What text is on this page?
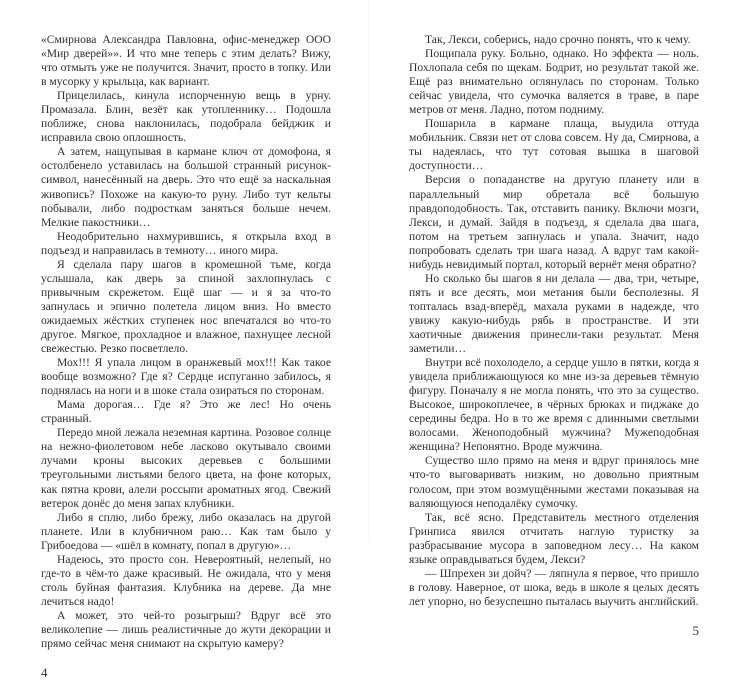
«Смирнова Александра Павловна, офис-менеджер ООО «Мир дверей»». И что мне теперь с этим делать? Вижу, что отмыть уже не получится. Значит, просто в топку. Или в мусорку у крыльца, как вариант.

Прицелилась, кинула испорченную вещь в урну. Промазала. Блин, везёт как утопленнику… Подошла поближе, снова наклонилась, подобрала бейджик и исправила свою оплошность.

А затем, нащупывая в кармане ключ от домофона, я остолбенело уставилась на большой странный рисунок-символ, нанесённый на дверь. Это что ещё за наскальная живопись? Похоже на какую-то руну. Либо тут кельты побывали, либо подросткам заняться больше нечем. Мелкие пакостники…

Неодобрительно нахмурившись, я открыла вход в подъезд и направилась в темноту… иного мира.

Я сделала пару шагов в кромешной тьме, когда услышала, как дверь за спиной захлопнулась с привычным скрежетом. Ещё шаг — и я за что-то запнулась и эпично полетела лицом вниз. Но вместо ожидаемых жёстких ступенек нос впечатался во что-то другое. Мягкое, прохладное и влажное, пахнущее лесной свежестью. Резко посветлело.

Мох!!! Я упала лицом в оранжевый мох!!! Как такое вообще возможно? Где я? Сердце испуганно забилось, я поднялась на ноги и в шоке стала озираться по сторонам.

Мама дорогая… Где я? Это же лес! Но очень странный.

Передо мной лежала неземная картина. Розовое солнце на нежно-фиолетовом небе ласково окутывало своими лучами кроны высоких деревьев с большими треугольными листьями белого цвета, на фоне которых, как пятна крови, алели россыпи ароматных ягод. Свежий ветерок донёс до меня запах клубники.

Либо я сплю, либо брежу, либо оказалась на другой планете. Или в клубничном раю… Как там было у Грибоедова — «шёл в комнату, попал в другую»…

Надеюсь, это просто сон. Невероятный, нелепый, но где-то в чём-то даже красивый. Не ожидала, что у меня столь буйная фантазия. Клубника на дереве. Да мне лечиться надо!

А может, это чей-то розыгрыш? Вдруг всё это великолепие — лишь реалистичные до жути декорации и прямо сейчас меня снимают на скрытую камеру?

4

Так, Лекси, соберись, надо срочно понять, что к чему.

Пощипала руку. Больно, однако. Но эффекта — ноль. Похлопала себя по щекам. Бодрит, но результат такой же. Ещё раз внимательно оглянулась по сторонам. Только сейчас увидела, что сумочка валяется в траве, в паре метров от меня. Ладно, потом подниму.

Пошарила в кармане плаща, выудила оттуда мобильник. Связи нет от слова совсем. Ну да, Смирнова, а ты надеялась, что тут сотовая вышка в шаговой доступности…

Версия о попаданстве на другую планету или в параллельный мир обретала всё большую правдоподобность. Так, отставить панику. Включи мозги, Лекси, и думай. Зайдя в подъезд, я сделала два шага, потом на третьем запнулась и упала. Значит, надо попробовать сделать три шага назад. А вдруг там какой-нибудь невидимый портал, который вернёт меня обратно?

Но сколько бы шагов я ни делала — два, три, четыре, пять и все десять, мои метания были бесполезны. Я топталась взад-вперёд, махала руками в надежде, что увижу какую-нибудь рябь в пространстве. И эти хаотичные движения принесли-таки результат. Меня заметили…

Внутри всё похолодело, а сердце ушло в пятки, когда я увидела приближающуюся ко мне из-за деревьев тёмную фигуру. Поначалу я не могла понять, что это за существо. Высокое, широкоплечее, в чёрных брюках и пиджаке до середины бедра. Но в то же время с длинными светлыми волосами. Женоподобный мужчина? Мужеподобная женщина? Непонятно. Вроде мужчина.

Существо шло прямо на меня и вдруг принялось мне что-то выговаривать низким, но довольно приятным голосом, при этом возмущёнными жестами показывая на валяющуюся неподалёку сумочку.

Так, всё ясно. Представитель местного отделения Гринписа явился отчитать наглую туристку за разбрасывание мусора в заповедном лесу… На каком языке оправдываться будем, Лекси?

— Шпрехен зи дойч? — ляпнула я первое, что пришло в голову. Наверное, от шока, ведь в школе я целых десять лет упорно, но безуспешно пыталась выучить английский.

5
